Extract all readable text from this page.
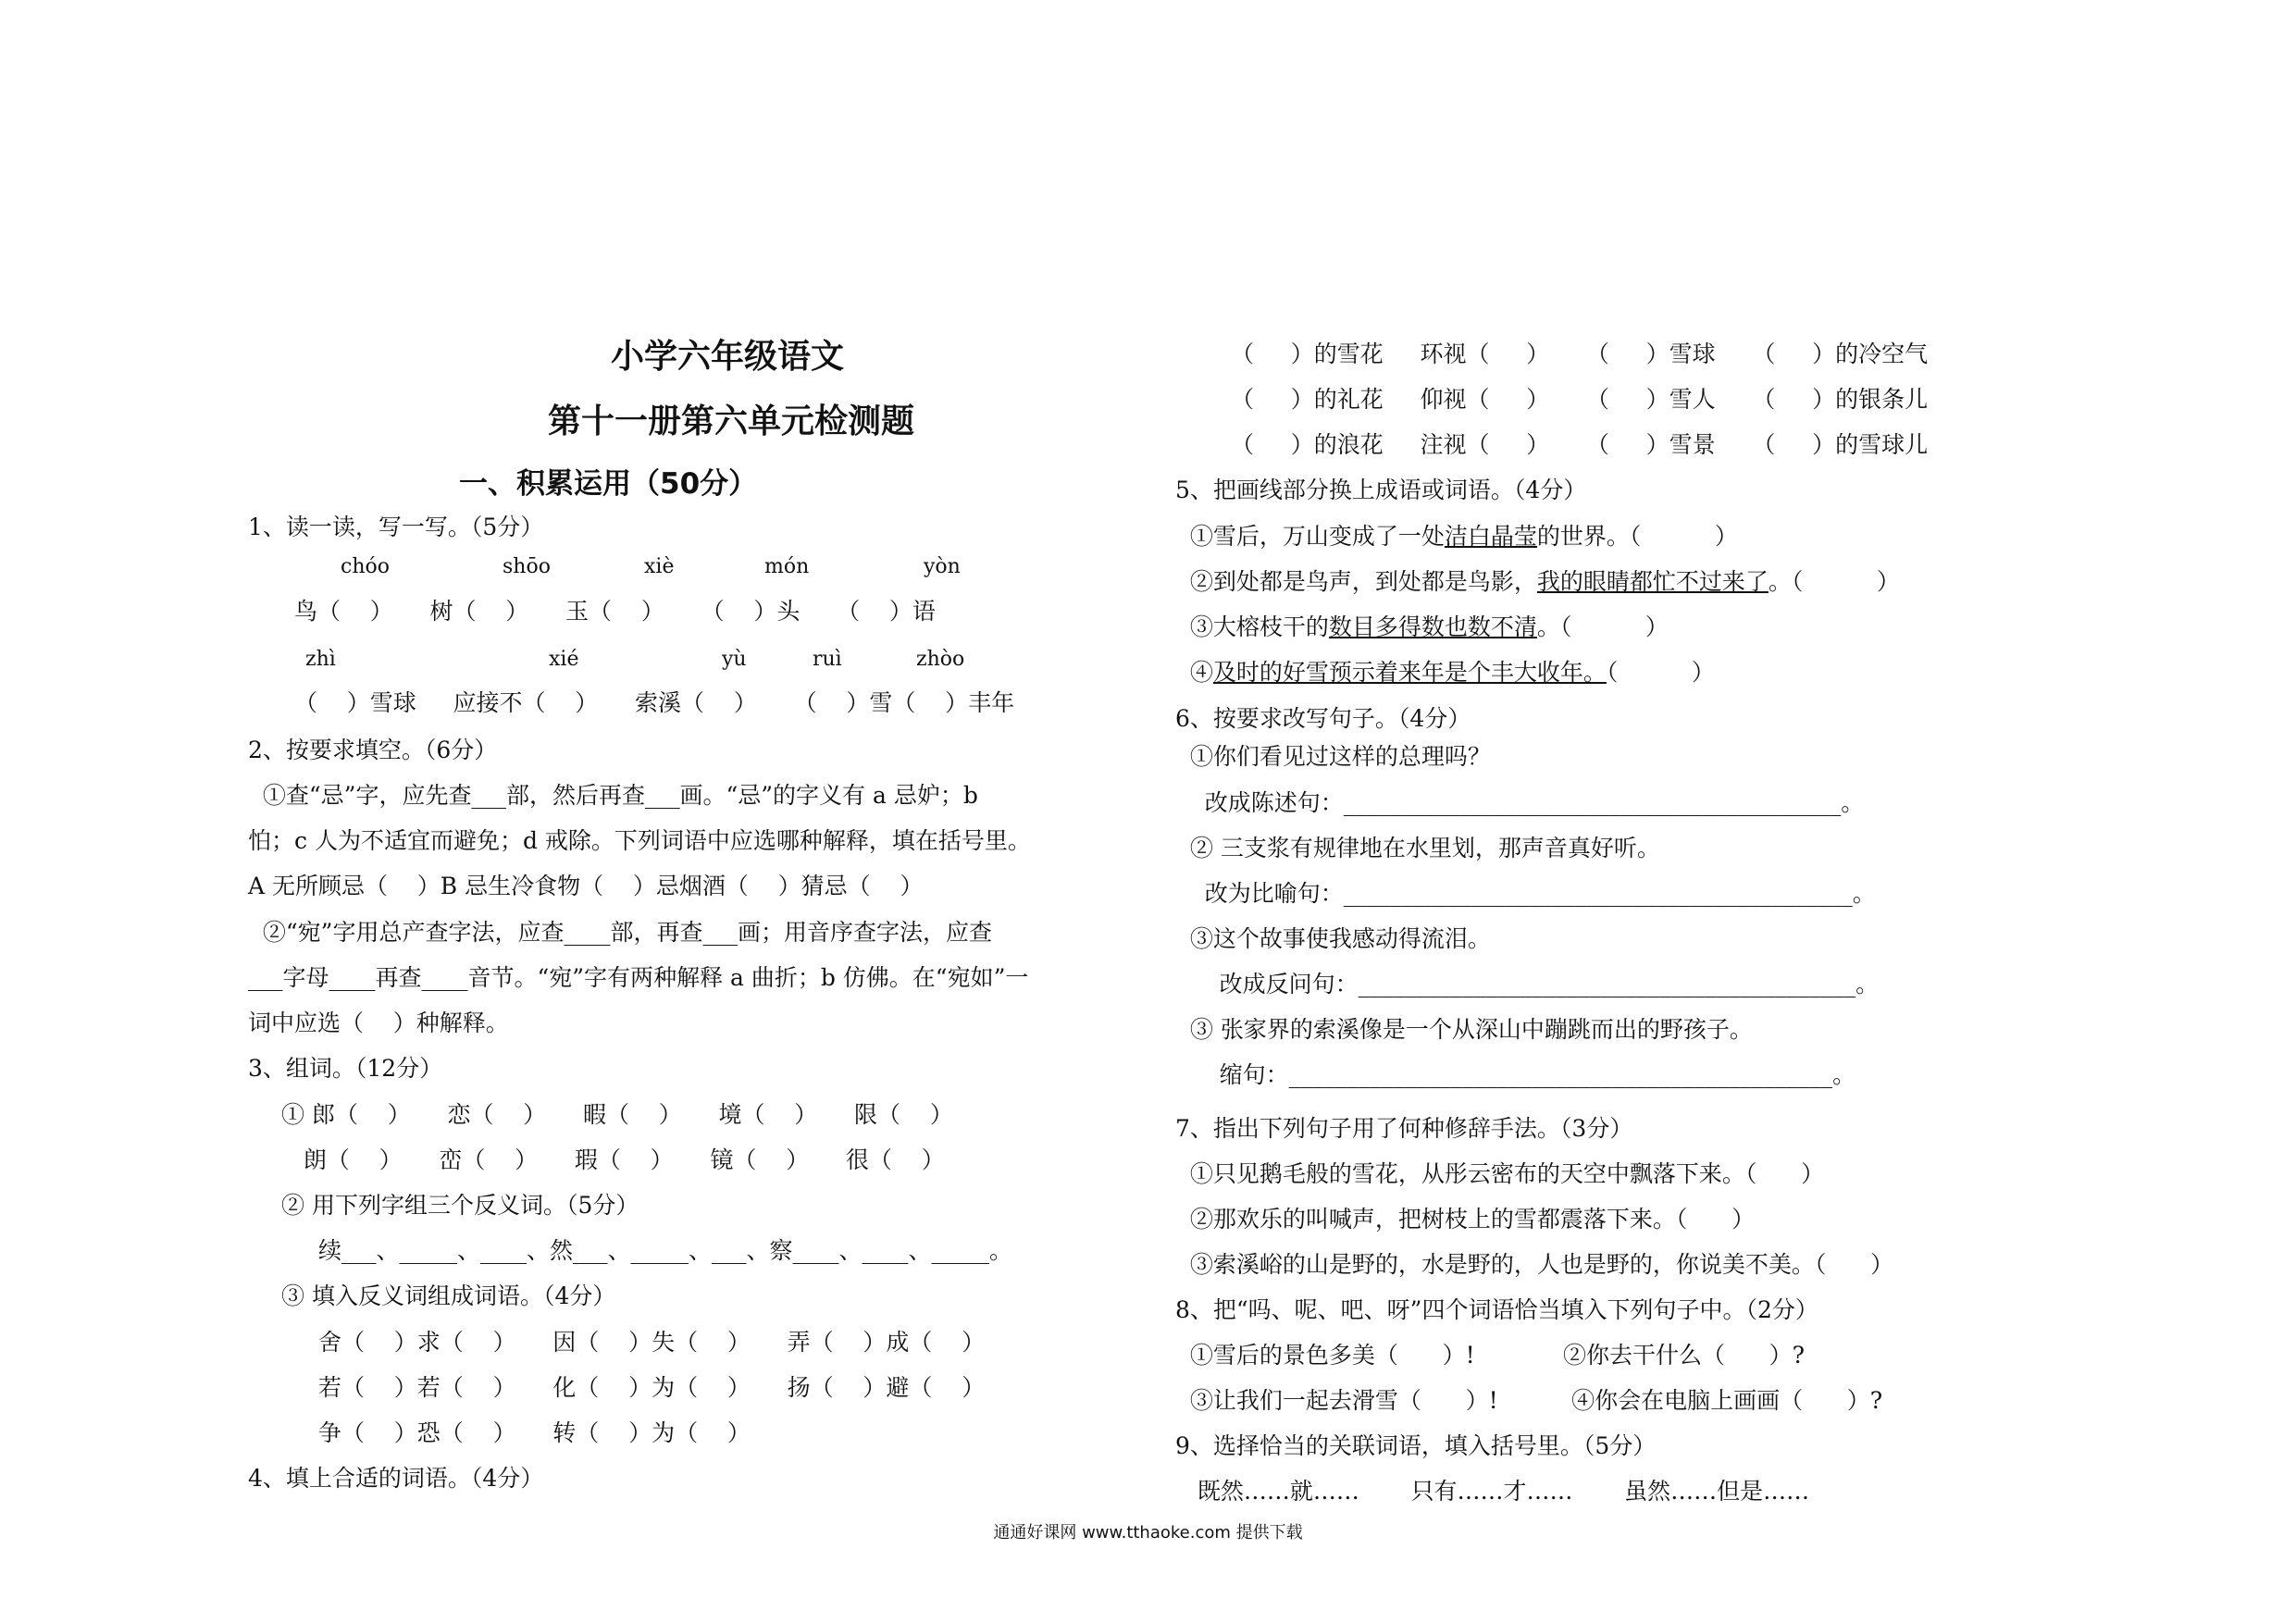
小学六年级语文
第十一册第六单元检测题
一、积累运用（50分）
1、读一读，写一写。（5分）
chóo	shōo	xiè	món	yòn
鸟（    ）     树（    ）     玉（    ）     （    ）头     （    ）语
zhì	xié	yù	ruì	zhòo
（    ）雪球     应接不（    ）     索溪（    ）     （    ）雪（    ）丰年
2、按要求填空。（6分）
①查“忌”字，应先查___部，然后再查___画。“忌”的字义有 a 忌妒；b
怕；c 人为不适宜而避免；d 戒除。下列词语中应选哪种解释，填在括号里。
A 无所顾忌（    ）B 忌生冷食物（    ）忌烟酒（    ）猜忌（    ）
②“宛”字用总产查字法，应查____部，再查___画；用音序查字法，应查
___字母____再查____音节。“宛”字有两种解释 a 曲折；b 仿佛。在“宛如”一
词中应选（    ）种解释。
3、组词。（12分）
① 郎（    ）     恋（    ）     暇（    ）     境（    ）     限（    ）
朗（    ）     峦（    ）     瑕（    ）     镜（    ）     很（    ）
② 用下列字组三个反义词。（5分）
续___、_____、____、然___、_____、___、察____、____、_____。
③ 填入反义词组成词语。（4分）
舍（    ）求（    ）     因（    ）失（    ）     弄（    ）成（    ）
若（    ）若（    ）     化（    ）为（    ）     扬（    ）避（    ）
争（    ）恐（    ）     转（    ）为（    ）
4、填上合适的词语。（4分）
（     ）的雪花     环视（     ）     （     ）雪球     （     ）的冷空气
（     ）的礼花     仰视（     ）     （     ）雪人     （     ）的银条儿
（     ）的浪花     注视（     ）     （     ）雪景     （     ）的雪球儿
5、把画线部分换上成语或词语。（4分）
①雪后，万山变成了一处洁白晶莹的世界。（          ）
②到处都是鸟声，到处都是鸟影，我的眼睛都忙不过来了。（          ）
③大榕枝干的数目多得数也数不清。（          ）
④及时的好雪预示着来年是个丰大收年。（          ）
6、按要求改写句子。（4分）
①你们看见过这样的总理吗？
改成陈述句：___________________________________________。
② 三支浆有规律地在水里划，那声音真好听。
改为比喻句：____________________________________________。
③这个故事使我感动得流泪。
改成反问句：___________________________________________。
③ 张家界的索溪像是一个从深山中蹦跳而出的野孩子。
缩句：_______________________________________________。
7、指出下列句子用了何种修辞手法。（3分）
①只见鹅毛般的雪花，从彤云密布的天空中飘落下来。（      ）
②那欢乐的叫喊声，把树枝上的雪都震落下来。（      ）
③索溪峪的山是野的，水是野的，人也是野的，你说美不美。（      ）
8、把“吗、呢、吧、呀”四个词语恰当填入下列句子中。（2分）
①雪后的景色多美（      ）!            ②你去干什么（      ）?
③让我们一起去滑雪（      ）!          ④你会在电脑上画画（      ）?
9、选择恰当的关联词语，填入括号里。（5分）
既然……就……       只有……才……       虽然……但是……
通通好课网 www.tthaoke.com 提供下载
